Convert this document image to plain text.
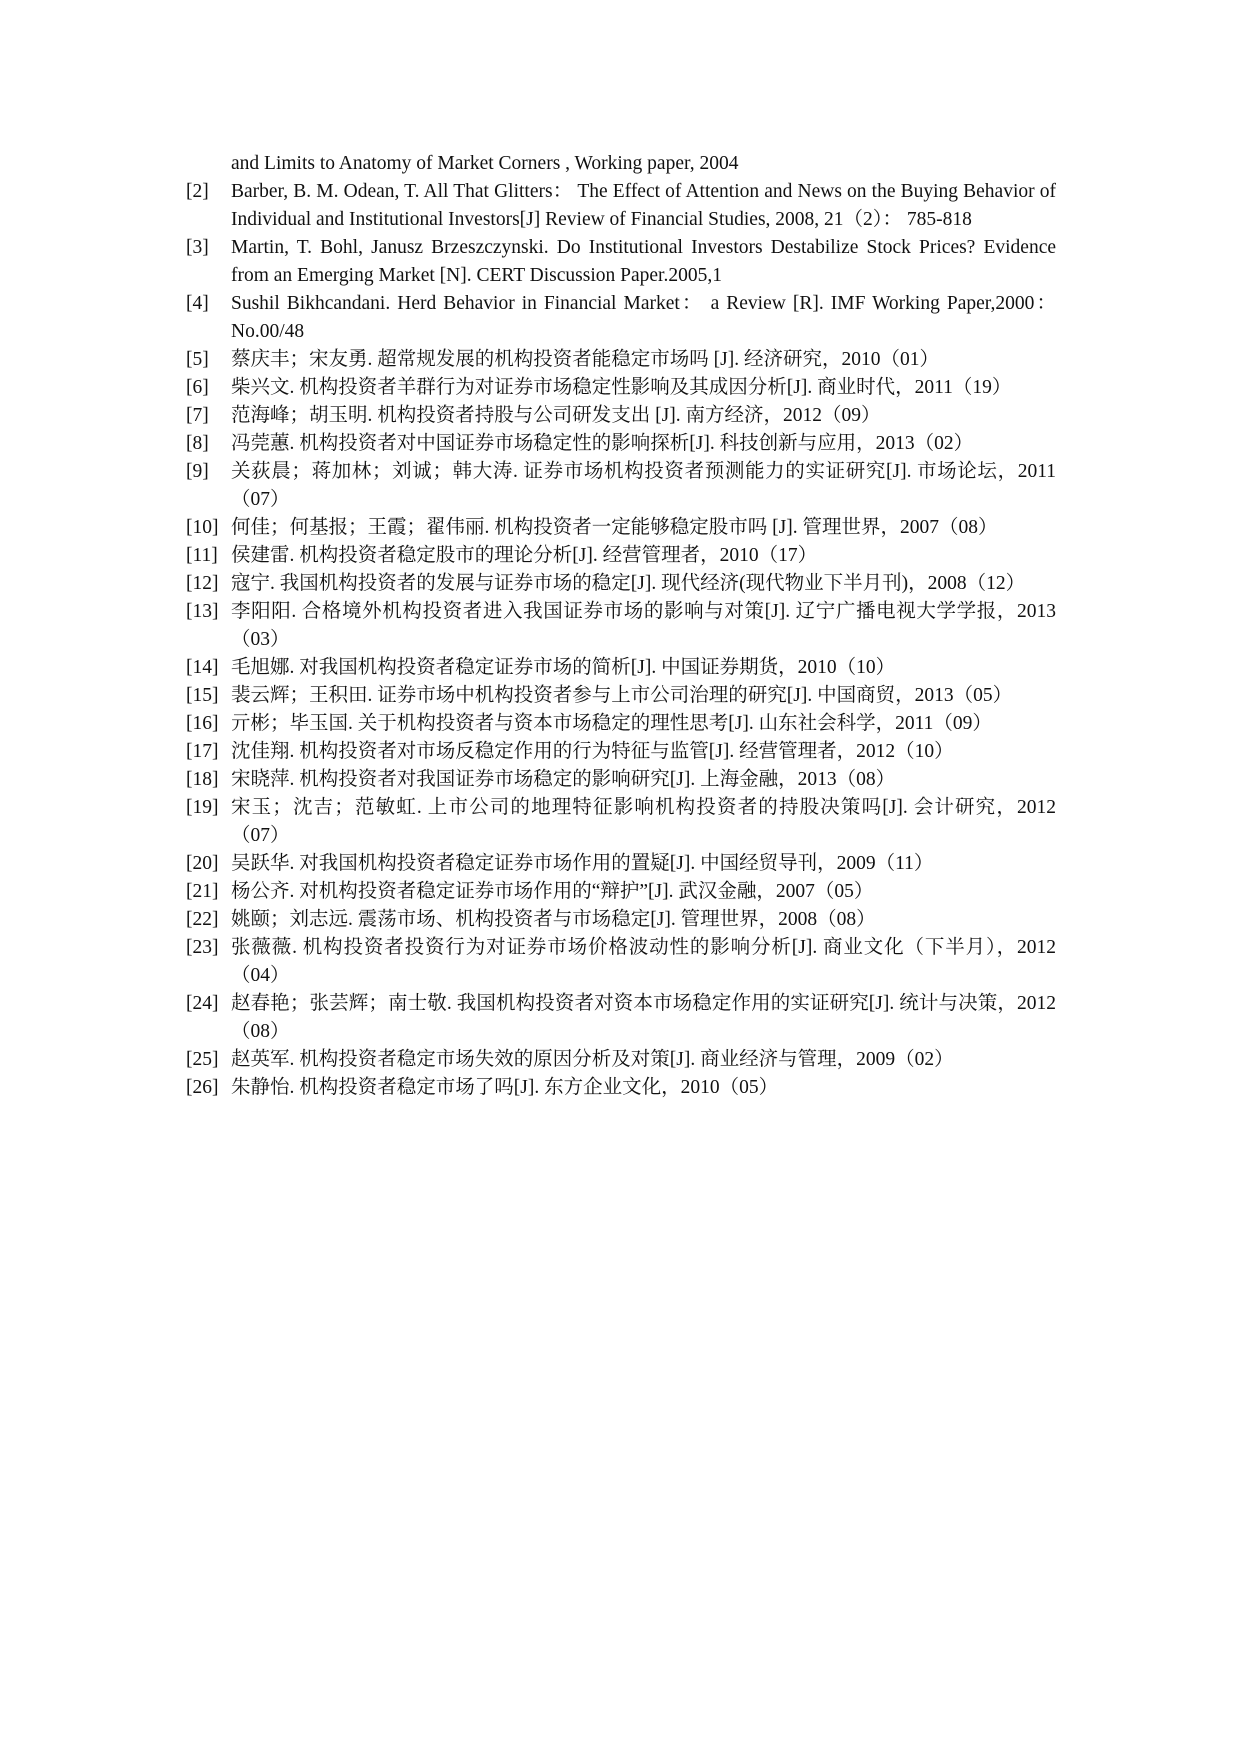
and Limits to Anatomy of Market Corners , Working paper, 2004

[2]	Barber, B. M. Odean, T. All That Glitters： The Effect of Attention and News on the Buying Behavior of Individual and Institutional Investors[J] Review of Financial Studies, 2008, 21（2）： 785-818
[3]	Martin, T. Bohl, Janusz Brzeszczynski. Do Institutional Investors Destabilize Stock Prices? Evidence from an Emerging Market [N]. CERT Discussion Paper.2005,1
[4]	Sushil Bikhcandani. Herd Behavior in Financial Market： a Review [R]. IMF Working Paper,2000： No.00/48
[5]	蔡庆丰；宋友勇. 超常规发展的机构投资者能稳定市场吗 [J]. 经济研究，2010（01）
[6]	柴兴文. 机构投资者羊群行为对证券市场稳定性影响及其成因分析[J]. 商业时代，2011（19）
[7]	范海峰；胡玉明. 机构投资者持股与公司研发支出 [J]. 南方经济，2012（09）
[8]	冯莞蕙. 机构投资者对中国证券市场稳定性的影响探析[J]. 科技创新与应用，2013（02）
[9]	关荻晨；蒋加林；刘诚；韩大涛. 证券市场机构投资者预测能力的实证研究[J]. 市场论坛，2011（07）
[10] 何佳；何基报；王霞；翟伟丽. 机构投资者一定能够稳定股市吗 [J]. 管理世界，2007（08）
[11] 侯建雷. 机构投资者稳定股市的理论分析[J]. 经营管理者，2010（17）
[12] 寇宁. 我国机构投资者的发展与证券市场的稳定[J]. 现代经济(现代物业下半月刊)，2008（12）
[13] 李阳阳. 合格境外机构投资者进入我国证券市场的影响与对策[J]. 辽宁广播电视大学学报，2013（03）
[14] 毛旭娜. 对我国机构投资者稳定证券市场的简析[J]. 中国证券期货，2010（10）
[15] 裴云辉；王积田. 证券市场中机构投资者参与上市公司治理的研究[J]. 中国商贸，2013（05）
[16] 亓彬；毕玉国. 关于机构投资者与资本市场稳定的理性思考[J]. 山东社会科学，2011（09）
[17] 沈佳翔. 机构投资者对市场反稳定作用的行为特征与监管[J]. 经营管理者，2012（10）
[18] 宋晓萍. 机构投资者对我国证券市场稳定的影响研究[J]. 上海金融，2013（08）
[19] 宋玉；沈吉；范敏虹. 上市公司的地理特征影响机构投资者的持股决策吗[J]. 会计研究，2012（07）
[20] 吴跃华. 对我国机构投资者稳定证券市场作用的置疑[J]. 中国经贸导刊，2009（11）
[21] 杨公齐. 对机构投资者稳定证券市场作用的“辩护”[J]. 武汉金融，2007（05）
[22] 姚颐；刘志远. 震荡市场、机构投资者与市场稳定[J]. 管理世界，2008（08）
[23] 张薇薇. 机构投资者投资行为对证券市场价格波动性的影响分析[J]. 商业文化（下半月），2012（04）
[24] 赵春艳；张芸辉；南士敬. 我国机构投资者对资本市场稳定作用的实证研究[J]. 统计与决策，2012（08）
[25] 赵英军. 机构投资者稳定市场失效的原因分析及对策[J]. 商业经济与管理，2009（02）
[26] 朱静怡. 机构投资者稳定市场了吗[J]. 东方企业文化，2010（05）
